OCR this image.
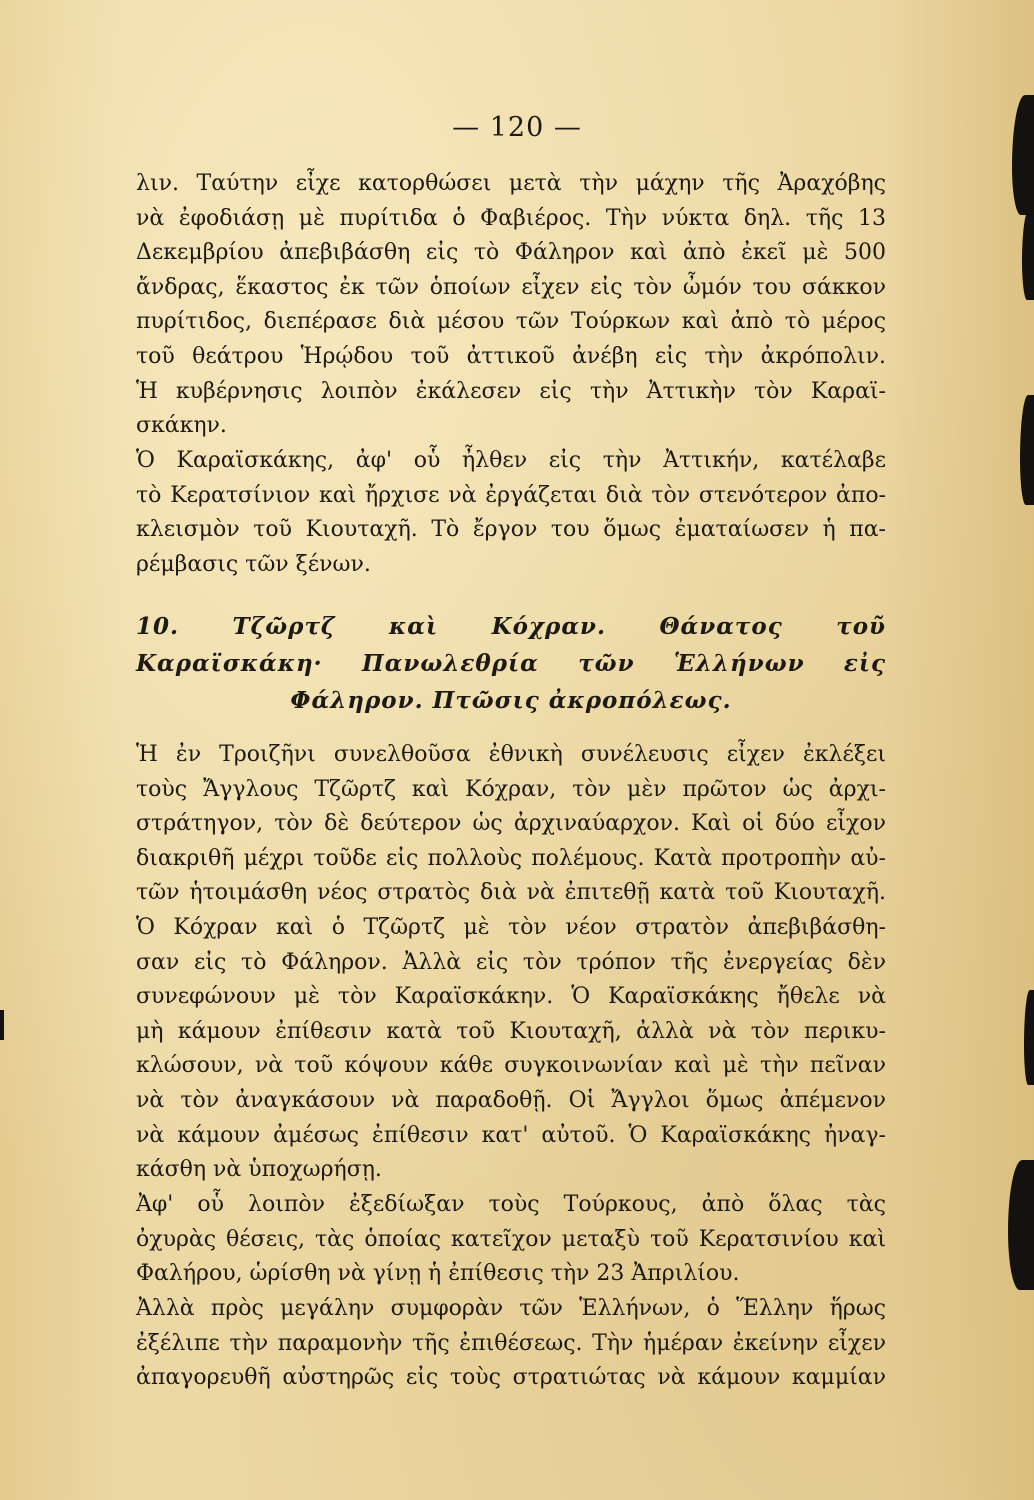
— 120 —
λιν. Ταύτην εἶχε κατορθώσει μετὰ τὴν μάχην τῆς Ἀραχόβης
νὰ ἐφοδιάσῃ μὲ πυρίτιδα ὁ Φαβιέρος. Τὴν νύκτα δηλ. τῆς 13
Δεκεμβρίου ἀπεβιβάσθη εἰς τὸ Φάληρον καὶ ἀπὸ ἐκεῖ μὲ 500
ἄνδρας, ἕκαστος ἐκ τῶν ὁποίων εἶχεν εἰς τὸν ὦμόν του σάκκον
πυρίτιδος, διεπέρασε διὰ μέσου τῶν Τούρκων καὶ ἀπὸ τὸ μέρος
τοῦ θεάτρου Ἡρῴδου τοῦ ἀττικοῦ ἀνέβη εἰς τὴν ἀκρόπολιν.
Ἡ κυβέρνησις λοιπὸν ἐκάλεσεν εἰς τὴν Ἀττικὴν τὸν Καραϊ-
σκάκην.
Ὁ Καραϊσκάκης, ἀφ' οὗ ἦλθεν εἰς τὴν Ἀττικήν, κατέλαβε
τὸ Κερατσίνιον καὶ ἤρχισε νὰ ἐργάζεται διὰ τὸν στενότερον ἀπο-
κλεισμὸν τοῦ Κιουταχῆ. Τὸ ἔργον του ὅμως ἐματαίωσεν ἡ πα-
ρέμβασις τῶν ξένων.
10. Τζῶρτζ καὶ Κόχραν. Θάνατος τοῦ
Καραϊσκάκη· Πανωλεθρία τῶν Ἑλλήνων εἰς
Φάληρον. Πτῶσις ἀκροπόλεως.
Ἡ ἐν Τροιζῆνι συνελθοῦσα ἐθνικὴ συνέλευσις εἶχεν ἐκλέξει
τοὺς Ἄγγλους Τζῶρτζ καὶ Κόχραν, τὸν μὲν πρῶτον ὡς ἀρχι-
στράτηγον, τὸν δὲ δεύτερον ὡς ἀρχιναύαρχον. Καὶ οἱ δύο εἶχον
διακριθῆ μέχρι τοῦδε εἰς πολλοὺς πολέμους. Κατὰ προτροπὴν αὐ-
τῶν ἡτοιμάσθη νέος στρατὸς διὰ νὰ ἐπιτεθῇ κατὰ τοῦ Κιουταχῆ.
Ὁ Κόχραν καὶ ὁ Τζῶρτζ μὲ τὸν νέον στρατὸν ἀπεβιβάσθη-
σαν εἰς τὸ Φάληρον. Ἀλλὰ εἰς τὸν τρόπον τῆς ἐνεργείας δὲν
συνεφώνουν μὲ τὸν Καραϊσκάκην. Ὁ Καραϊσκάκης ἤθελε νὰ
μὴ κάμουν ἐπίθεσιν κατὰ τοῦ Κιουταχῆ, ἀλλὰ νὰ τὸν περικυ-
κλώσουν, νὰ τοῦ κόψουν κάθε συγκοινωνίαν καὶ μὲ τὴν πεῖναν
νὰ τὸν ἀναγκάσουν νὰ παραδοθῇ. Οἱ Ἄγγλοι ὅμως ἀπέμενον
νὰ κάμουν ἀμέσως ἐπίθεσιν κατ' αὐτοῦ. Ὁ Καραϊσκάκης ἠναγ-
κάσθη νὰ ὑποχωρήσῃ.
Ἀφ' οὗ λοιπὸν ἐξεδίωξαν τοὺς Τούρκους, ἀπὸ ὅλας τὰς
ὀχυρὰς θέσεις, τὰς ὁποίας κατεῖχον μεταξὺ τοῦ Κερατσινίου καὶ
Φαλήρου, ὡρίσθη νὰ γίνῃ ἡ ἐπίθεσις τὴν 23 Ἀπριλίου.
Ἀλλὰ πρὸς μεγάλην συμφορὰν τῶν Ἑλλήνων, ὁ Ἕλλην ἥρως
ἐξέλιπε τὴν παραμονὴν τῆς ἐπιθέσεως. Τὴν ἡμέραν ἐκείνην εἶχεν
ἀπαγορευθῆ αὐστηρῶς εἰς τοὺς στρατιώτας νὰ κάμουν καμμίαν
